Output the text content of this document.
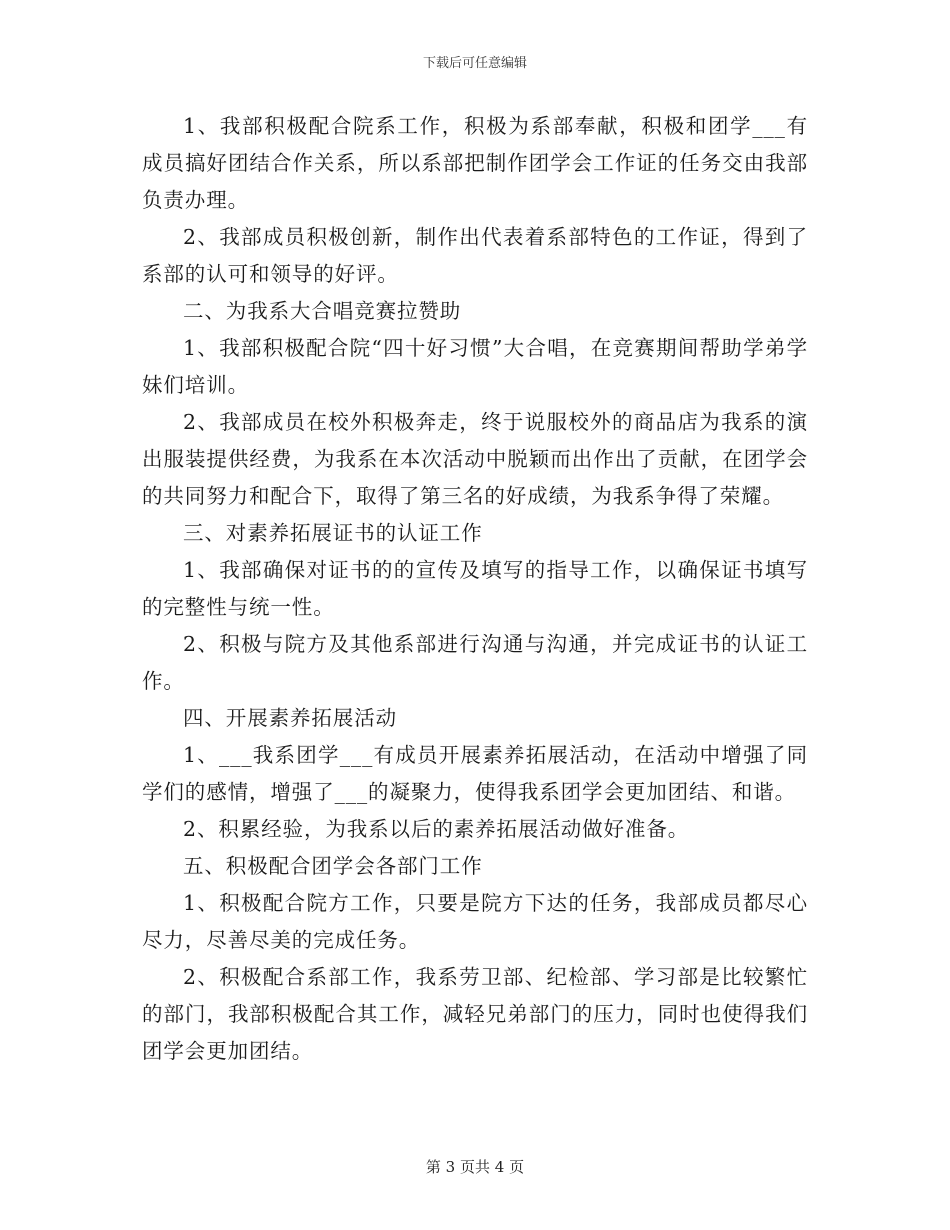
下载后可任意编辑

1、我部积极配合院系工作，积极为系部奉献，积极和团学___有成员搞好团结合作关系，所以系部把制作团学会工作证的任务交由我部负责办理。

2、我部成员积极创新，制作出代表着系部特色的工作证，得到了系部的认可和领导的好评。

二、为我系大合唱竞赛拉赞助

1、我部积极配合院“四十好习惯”大合唱，在竞赛期间帮助学弟学妹们培训。

2、我部成员在校外积极奔走，终于说服校外的商品店为我系的演出服装提供经费，为我系在本次活动中脱颖而出作出了贡献，在团学会的共同努力和配合下，取得了第三名的好成绩，为我系争得了荣耀。

三、对素养拓展证书的认证工作

1、我部确保对证书的的宣传及填写的指导工作，以确保证书填写的完整性与统一性。

2、积极与院方及其他系部进行沟通与沟通，并完成证书的认证工作。

四、开展素养拓展活动

1、___我系团学___有成员开展素养拓展活动，在活动中增强了同学们的感情，增强了___的凝聚力，使得我系团学会更加团结、和谐。

2、积累经验，为我系以后的素养拓展活动做好准备。

五、积极配合团学会各部门工作

1、积极配合院方工作，只要是院方下达的任务，我部成员都尽心尽力，尽善尽美的完成任务。

2、积极配合系部工作，我系劳卫部、纪检部、学习部是比较繁忙的部门，我部积极配合其工作，减轻兄弟部门的压力，同时也使得我们团学会更加团结。

第 3 页共 4 页
